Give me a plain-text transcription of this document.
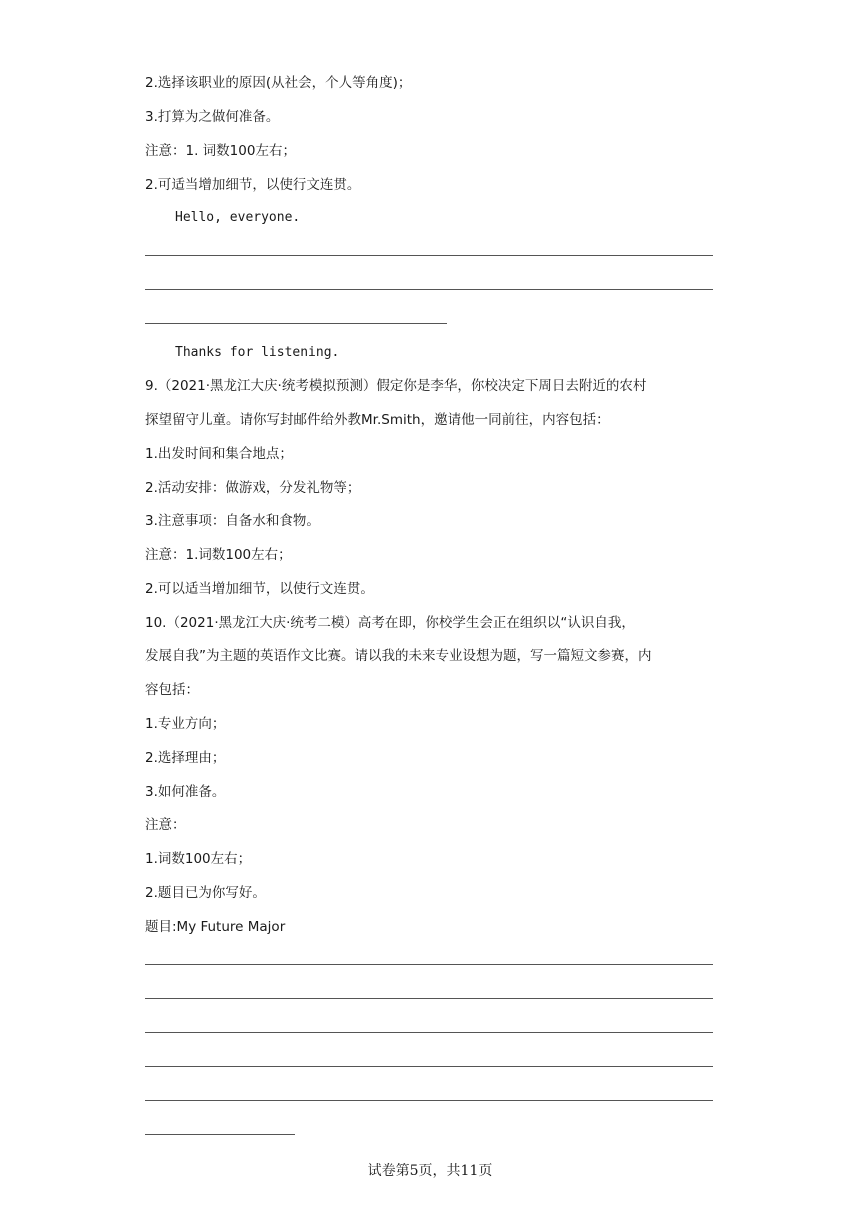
2.选择该职业的原因(从社会，个人等角度)；
3.打算为之做何准备。
注意：1. 词数100左右；
2.可适当增加细节，以使行文连贯。
Hello, everyone.
Thanks for listening.
9.（2021·黑龙江大庆·统考模拟预测）假定你是李华，你校决定下周日去附近的农村
探望留守儿童。请你写封邮件给外教Mr.Smith，邀请他一同前往，内容包括：
1.出发时间和集合地点；
2.活动安排：做游戏，分发礼物等；
3.注意事项：自备水和食物。
注意：1.词数100左右；
2.可以适当增加细节，以使行文连贯。
10.（2021·黑龙江大庆·统考二模）高考在即，你校学生会正在组织以“认识自我，
发展自我”为主题的英语作文比赛。请以我的未来专业设想为题，写一篇短文参赛，内
容包括：
1.专业方向；
2.选择理由；
3.如何准备。
注意：
1.词数100左右；
2.题目已为你写好。
题目:My Future Major
试卷第5页，共11页
